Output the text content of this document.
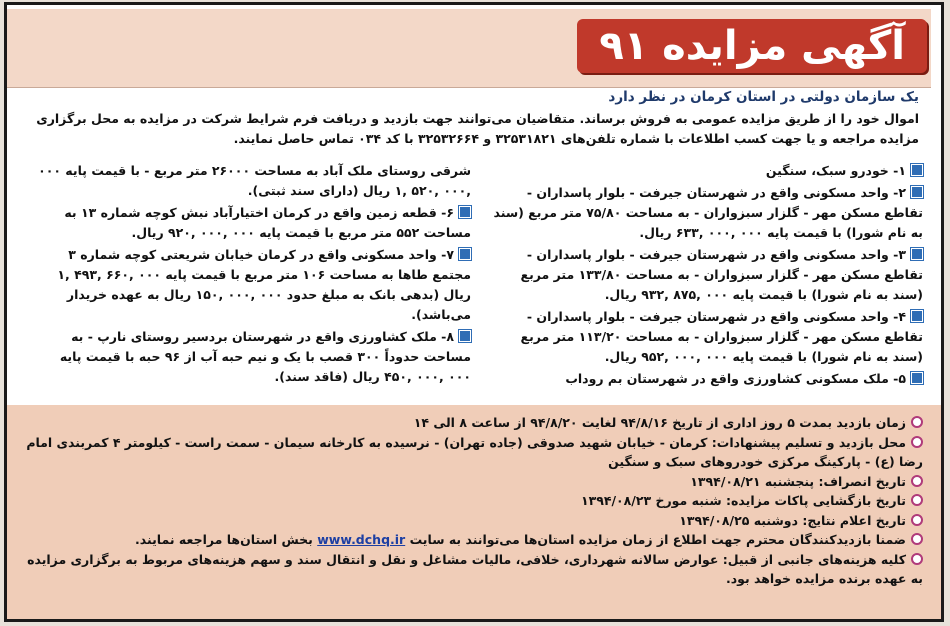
آگهی مزایده ۹۱
یک سازمان دولتی در استان کرمان در نظر دارد
اموال خود را از طریق مزایده عمومی به فروش برساند. متقاضیان می‌توانند جهت بازدید و دریافت فرم شرایط شرکت در مزایده به محل برگزاری مزایده مراجعه و یا جهت کسب اطلاعات با شماره تلفن‌های ۳۲۵۳۱۸۲۱ و ۳۲۵۳۲۶۶۴ با کد ۰۳۴ تماس حاصل نمایند.
۱- خودرو سبک، سنگین
۲- واحد مسکونی واقع در شهرستان جیرفت - بلوار پاسداران - تقاطع مسکن مهر - گلزار سبزواران - به مساحت ۷۵/۸۰ متر مربع (سند به نام شورا) با قیمت پایه ۰۰۰ ,۰۰۰ ,۶۳۳ ریال.
۳- واحد مسکونی واقع در شهرستان جیرفت - بلوار پاسداران - تقاطع مسکن مهر - گلزار سبزواران - به مساحت ۱۳۳/۸۰ متر مربع (سند به نام شورا) با قیمت پایه ۰۰۰ ,۸۷۵ ,۹۳۲ ریال.
۴- واحد مسکونی واقع در شهرستان جیرفت - بلوار پاسداران - تقاطع مسکن مهر - گلزار سبزواران - به مساحت ۱۱۳/۲۰ متر مربع (سند به نام شورا) با قیمت پایه ۰۰۰ ,۰۰۰ ,۹۵۲ ریال.
۵- ملک مسکونی کشاورزی واقع در شهرستان بم روداب
شرقی روستای ملک آباد به مساحت ۲۶۰۰۰ متر مربع - با قیمت پایه ۰۰۰ ,۰۰۰ ,۵۲۰ ,۱ ریال (دارای سند ثبتی).
۶- قطعه زمین واقع در کرمان اختیارآباد نبش کوچه شماره ۱۳ به مساحت ۵۵۲ متر مربع با قیمت پایه ۰۰۰ ,۰۰۰ ,۹۲۰ ریال.
۷- واحد مسکونی واقع در کرمان خیابان شریعتی کوچه شماره ۳ مجتمع طاها به مساحت ۱۰۶ متر مربع با قیمت پایه ۰۰۰ ,۶۶۰ ,۴۹۳ ,۱ ریال (بدهی بانک به مبلغ حدود ۰۰۰ ,۰۰۰ ,۱۵۰ ریال به عهده خریدار می‌باشد).
۸- ملک کشاورزی واقع در شهرستان بردسیر روستای نارپ - به مساحت حدوداً ۳۰۰ قصب با یک و نیم حبه آب از ۹۶ حبه با قیمت پایه ۰۰۰ ,۰۰۰ ,۴۵۰ ریال (فاقد سند).
زمان بازدید بمدت ۵ روز اداری از تاریخ ۹۴/۸/۱۶ لغایت ۹۴/۸/۲۰ از ساعت ۸ الی ۱۴
محل بازدید و تسلیم پیشنهادات: کرمان - خیابان شهید صدوقی (جاده تهران) - نرسیده به کارخانه سیمان - سمت راست - کیلومتر ۴ کمربندی امام رضا (ع) - پارکینگ مرکزی خودروهای سبک و سنگین
تاریخ انصراف: پنجشنبه ۱۳۹۴/۰۸/۲۱
تاریخ بازگشایی پاکات مزایده: شنبه مورخ ۱۳۹۴/۰۸/۲۳
تاریخ اعلام نتایج: دوشنبه ۱۳۹۴/۰۸/۲۵
ضمنا بازدیدکنندگان محترم جهت اطلاع از زمان مزایده استان‌ها می‌توانند به سایت www.dchq.ir بخش استان‌ها مراجعه نمایند.
کلیه هزینه‌های جانبی از قبیل: عوارض سالانه شهرداری، خلافی، مالیات مشاغل و نقل و انتقال سند و سهم هزینه‌های مربوط به برگزاری مزایده به عهده برنده مزایده خواهد بود.
